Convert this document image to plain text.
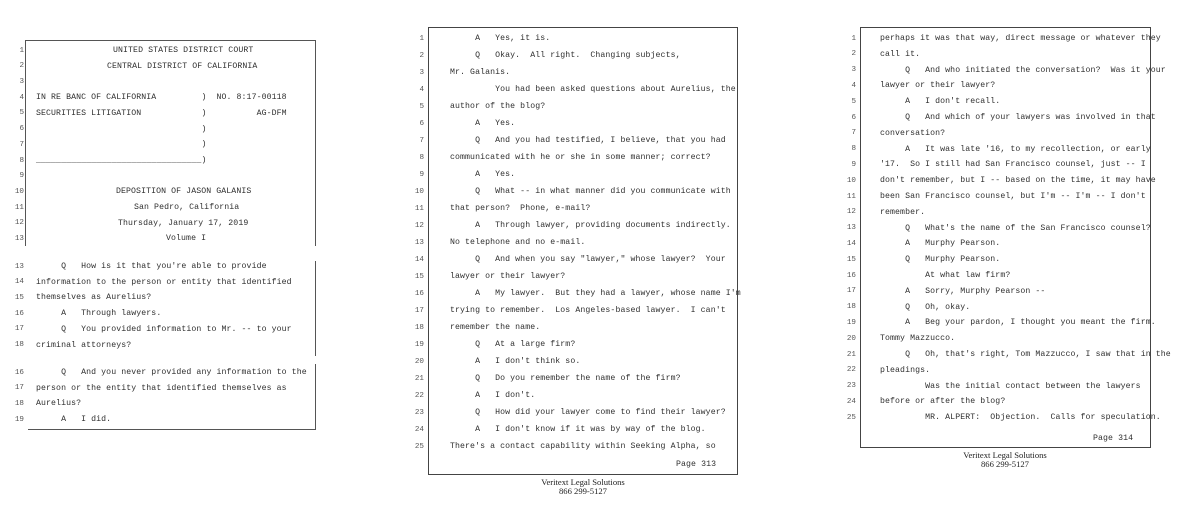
1	UNITED STATES DISTRICT COURT
2	CENTRAL DISTRICT OF CALIFORNIA
3
4 IN RE BANC OF CALIFORNIA         )  NO. 8:17-00118
5 SECURITIES LITIGATION            )          AG-DFM
6 )
7 )
8 _________________________________)
9
10	DEPOSITION OF JASON GALANIS
11	San Pedro, California
12	Thursday, January 17, 2019
13	Volume I
13 Q   How is it that you're able to provide
14 information to the person or entity that identified
15 themselves as Aurelius?
16 A   Through lawyers.
17 Q   You provided information to Mr. -- to your
18 criminal attorneys?
16 Q   And you never provided any information to the
17 person or the entity that identified themselves as
18 Aurelius?
19 A   I did.
1	A   Yes, it is.
2	Q   Okay.  All right.  Changing subjects,
3	Mr. Galanis.
4	You had been asked questions about Aurelius, the
5	author of the blog?
6	A   Yes.
7	Q   And you had testified, I believe, that you had
8	communicated with he or she in some manner; correct?
9	A   Yes.
10	Q   What -- in what manner did you communicate with
11	that person?  Phone, e-mail?
12	A   Through lawyer, providing documents indirectly.
13	No telephone and no e-mail.
14	Q   And when you say "lawyer," whose lawyer?  Your
15	lawyer or their lawyer?
16	A   My lawyer.  But they had a lawyer, whose name I'm
17	trying to remember.  Los Angeles-based lawyer.  I can't
18	remember the name.
19	Q   At a large firm?
20	A   I don't think so.
21	Q   Do you remember the name of the firm?
22	A   I don't.
23	Q   How did your lawyer come to find their lawyer?
24	A   I don't know if it was by way of the blog.
25	There's a contact capability within Seeking Alpha, so
Page 313
Veritext Legal Solutions
866 299-5127
1	perhaps it was that way, direct message or whatever they
2	call it.
3	Q   And who initiated the conversation?  Was it your
4	lawyer or their lawyer?
5	A   I don't recall.
6	Q   And which of your lawyers was involved in that
7	conversation?
8	A   It was late '16, to my recollection, or early
9	'17.  So I still had San Francisco counsel, just -- I
10	don't remember, but I -- based on the time, it may have
11	been San Francisco counsel, but I'm -- I'm -- I don't
12	remember.
13	Q   What's the name of the San Francisco counsel?
14	A   Murphy Pearson.
15	Q   Murphy Pearson.
16	At what law firm?
17	A   Sorry, Murphy Pearson --
18	Q   Oh, okay.
19	A   Beg your pardon, I thought you meant the firm.
20	Tommy Mazzucco.
21	Q   Oh, that's right, Tom Mazzucco, I saw that in the
22	pleadings.
23	Was the initial contact between the lawyers
24	before or after the blog?
25	MR. ALPERT:  Objection.  Calls for speculation.
Page 314
Veritext Legal Solutions
866 299-5127
